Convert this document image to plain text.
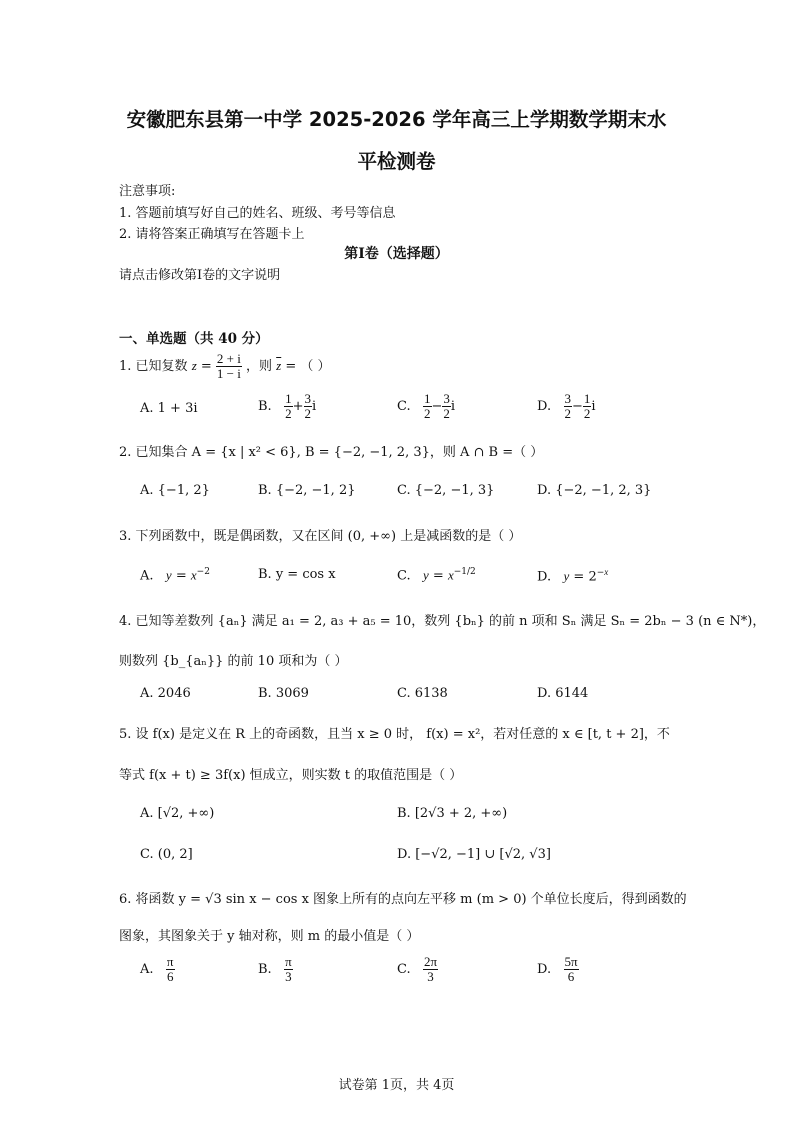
安徽肥东县第一中学 2025-2026 学年高三上学期数学期末水
平检测卷
注意事项:
1. 答题前填写好自己的姓名、班级、考号等信息
2. 请将答案正确填写在答题卡上
第Ⅰ卷（选择题）
请点击修改第Ⅰ卷的文字说明
一、单选题（共 40 分）
1. 已知复数 $z = \frac{2 + i}{1 - i}$ ，则 $\overline{z}$ = （ ）
A. 1 + 3i	B. $\frac{1}{2} + \frac{3}{2}$ i	C. $\frac{1}{2} - \frac{3}{2}$ i	D. $\frac{3}{2} - \frac{1}{2}$ i
2. 已知集合 A = {x | x² < 6}, B = {−2, −1, 2, 3}，则 A ∩ B =（ ）
A. {−1, 2}	B. {−2, −1, 2}	C. {−2, −1, 3}	D. {−2, −1, 2, 3}
3. 下列函数中，既是偶函数，又在区间 (0, +∞) 上是减函数的是（ ）
A.   $y = x^{-2}$	B. y = cos x	C.   $y = x^{-1/2}$	D.   $y = 2^{-x}$
4. 已知等差数列 {aₙ} 满足 a₁ = 2, a₃ + a₅ = 10，数列 {bₙ} 的前 n 项和 Sₙ 满足 Sₙ = 2bₙ − 3 (n ∈ N*)，
则数列 {b_{aₙ}} 的前 10 项和为（ ）
A. 2046	B. 3069	C. 6138	D. 6144
5. 设 f(x) 是定义在 R 上的奇函数，且当 x ≥ 0 时， f(x) = x²，若对任意的 x ∈ [t, t + 2]，不
等式 f(x + t) ≥ 3f(x) 恒成立，则实数 t 的取值范围是（ ）
A. [√2, +∞)	B. [2√3 + 2, +∞)
C. (0, 2]	D. [−√2, −1] ∪ [√2, √3]
6. 将函数 y = √3 sin x − cos x 图象上所有的点向左平移 m (m > 0) 个单位长度后，得到函数的
图象，其图象关于 y 轴对称，则 m 的最小值是（ ）
A. $\frac{\pi}{6}$	B. $\frac{\pi}{3}$	C. $\frac{2\pi}{3}$	D. $\frac{5\pi}{6}$
试卷第 1页，共 4页
